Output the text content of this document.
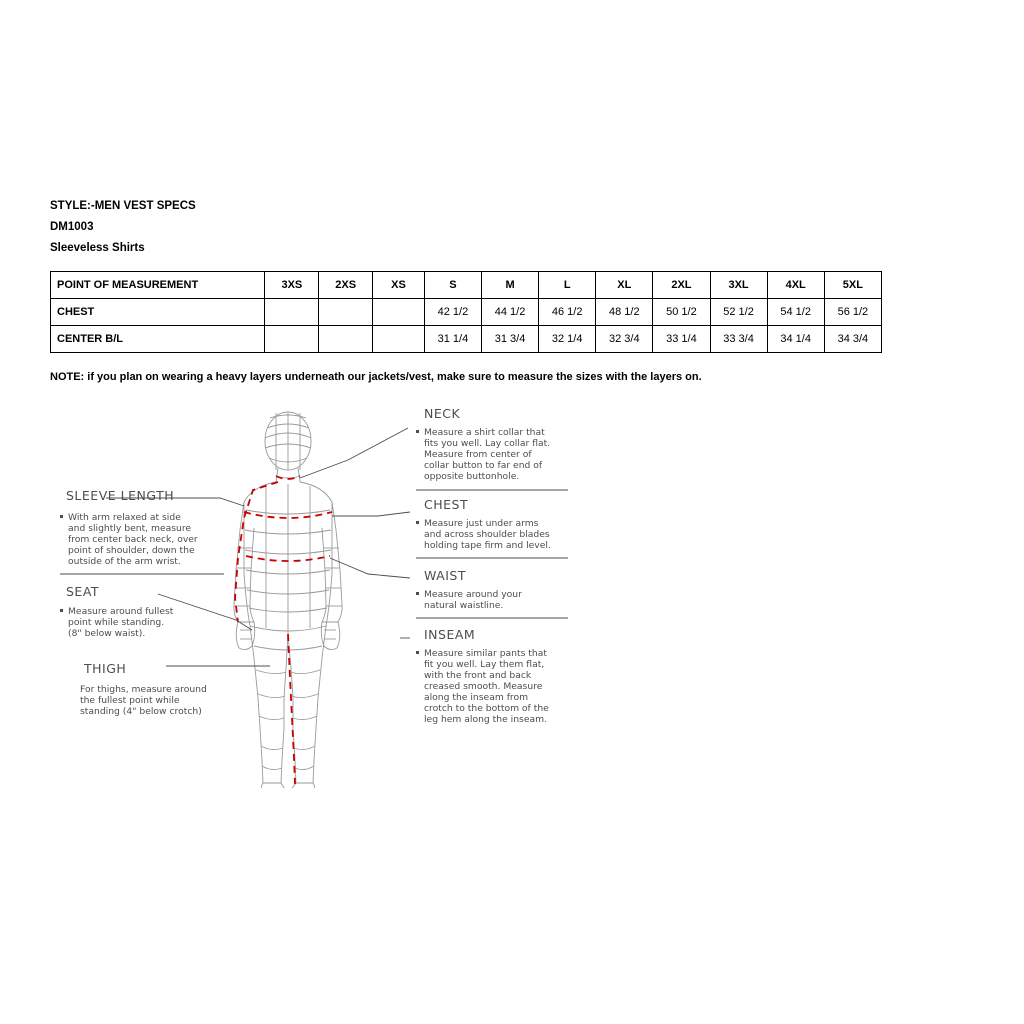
STYLE:-MEN VEST SPECS
DM1003
Sleeveless Shirts
POINT OF MEASUREMENT	3XS	2XS	XS	S	M	L	XL	2XL	3XL	4XL	5XL
CHEST				42 1/2	44 1/2	46 1/2	48 1/2	50 1/2	52 1/2	54 1/2	56 1/2
CENTER B/L				31 1/4	31 3/4	32 1/4	32 3/4	33 1/4	33 3/4	34 1/4	34 3/4
NOTE: if you plan on wearing a heavy layers underneath our jackets/vest, make sure to measure the sizes with the layers on.
NECK
Measure a shirt collar that
fits you well. Lay collar flat.
Measure from center of
collar button to far end of
opposite buttonhole.
CHEST
Measure just under arms
and across shoulder blades
holding tape firm and level.
WAIST
Measure around your
natural waistline.
INSEAM
Measure similar pants that
fit you well. Lay them flat,
with the front and back
creased smooth. Measure
along the inseam from
crotch to the bottom of the
leg hem along the inseam.
SLEEVE LENGTH
With arm relaxed at side
and slightly bent, measure
from center back neck, over
point of shoulder, down the
outside of the arm wrist.
SEAT
Measure around fullest
point while standing.
(8" below waist).
THIGH
For thighs, measure around
the fullest point while
standing (4" below crotch)
